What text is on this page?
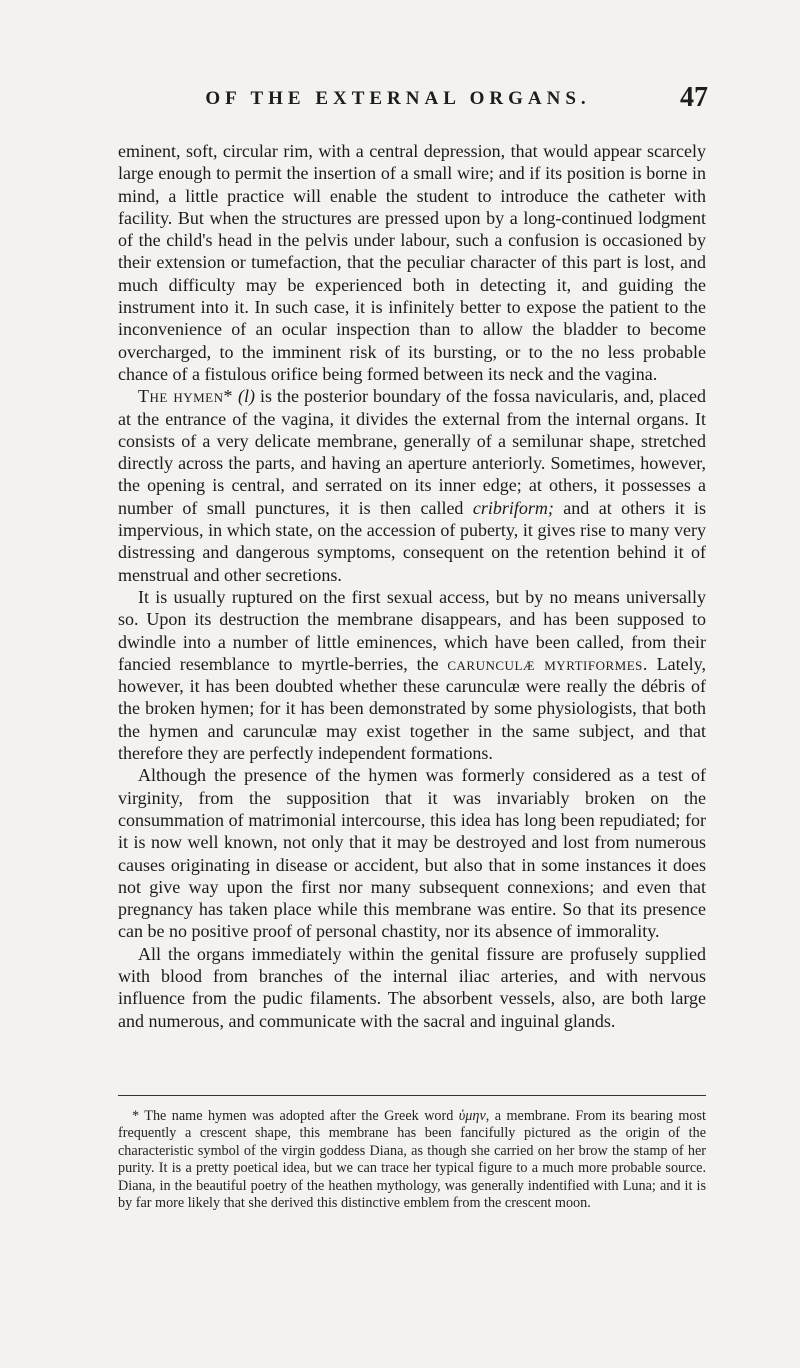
OF THE EXTERNAL ORGANS.	47

eminent, soft, circular rim, with a central depression, that would appear scarcely large enough to permit the insertion of a small wire; and if its position is borne in mind, a little practice will enable the student to introduce the catheter with facility. But when the structures are pressed upon by a long-continued lodgment of the child's head in the pelvis under labour, such a confusion is occasioned by their extension or tumefaction, that the peculiar character of this part is lost, and much difficulty may be experienced both in detecting it, and guiding the instrument into it. In such case, it is infinitely better to expose the patient to the inconvenience of an ocular inspection than to allow the bladder to become overcharged, to the imminent risk of its bursting, or to the no less probable chance of a fistulous orifice being formed between its neck and the vagina.

The hymen* (l) is the posterior boundary of the fossa navicularis, and, placed at the entrance of the vagina, it divides the external from the internal organs. It consists of a very delicate membrane, generally of a semilunar shape, stretched directly across the parts, and having an aperture anteriorly. Sometimes, however, the opening is central, and serrated on its inner edge; at others, it possesses a number of small punctures, it is then called cribriform; and at others it is impervious, in which state, on the accession of puberty, it gives rise to many very distressing and dangerous symptoms, consequent on the retention behind it of menstrual and other secretions.

It is usually ruptured on the first sexual access, but by no means universally so. Upon its destruction the membrane disappears, and has been supposed to dwindle into a number of little eminences, which have been called, from their fancied resemblance to myrtle-berries, the carunculæ myrtiformes. Lately, however, it has been doubted whether these carunculæ were really the débris of the broken hymen; for it has been demonstrated by some physiologists, that both the hymen and carunculæ may exist together in the same subject, and that therefore they are perfectly independent formations.

Although the presence of the hymen was formerly considered as a test of virginity, from the supposition that it was invariably broken on the consummation of matrimonial intercourse, this idea has long been repudiated; for it is now well known, not only that it may be destroyed and lost from numerous causes originating in disease or accident, but also that in some instances it does not give way upon the first nor many subsequent connexions; and even that pregnancy has taken place while this membrane was entire. So that its presence can be no positive proof of personal chastity, nor its absence of immorality.

All the organs immediately within the genital fissure are profusely supplied with blood from branches of the internal iliac arteries, and with nervous influence from the pudic filaments. The absorbent vessels, also, are both large and numerous, and communicate with the sacral and inguinal glands.

* The name hymen was adopted after the Greek word ὑμην, a membrane. From its bearing most frequently a crescent shape, this membrane has been fancifully pictured as the origin of the characteristic symbol of the virgin goddess Diana, as though she carried on her brow the stamp of her purity. It is a pretty poetical idea, but we can trace her typical figure to a much more probable source. Diana, in the beautiful poetry of the heathen mythology, was generally indentified with Luna; and it is by far more likely that she derived this distinctive emblem from the crescent moon.
